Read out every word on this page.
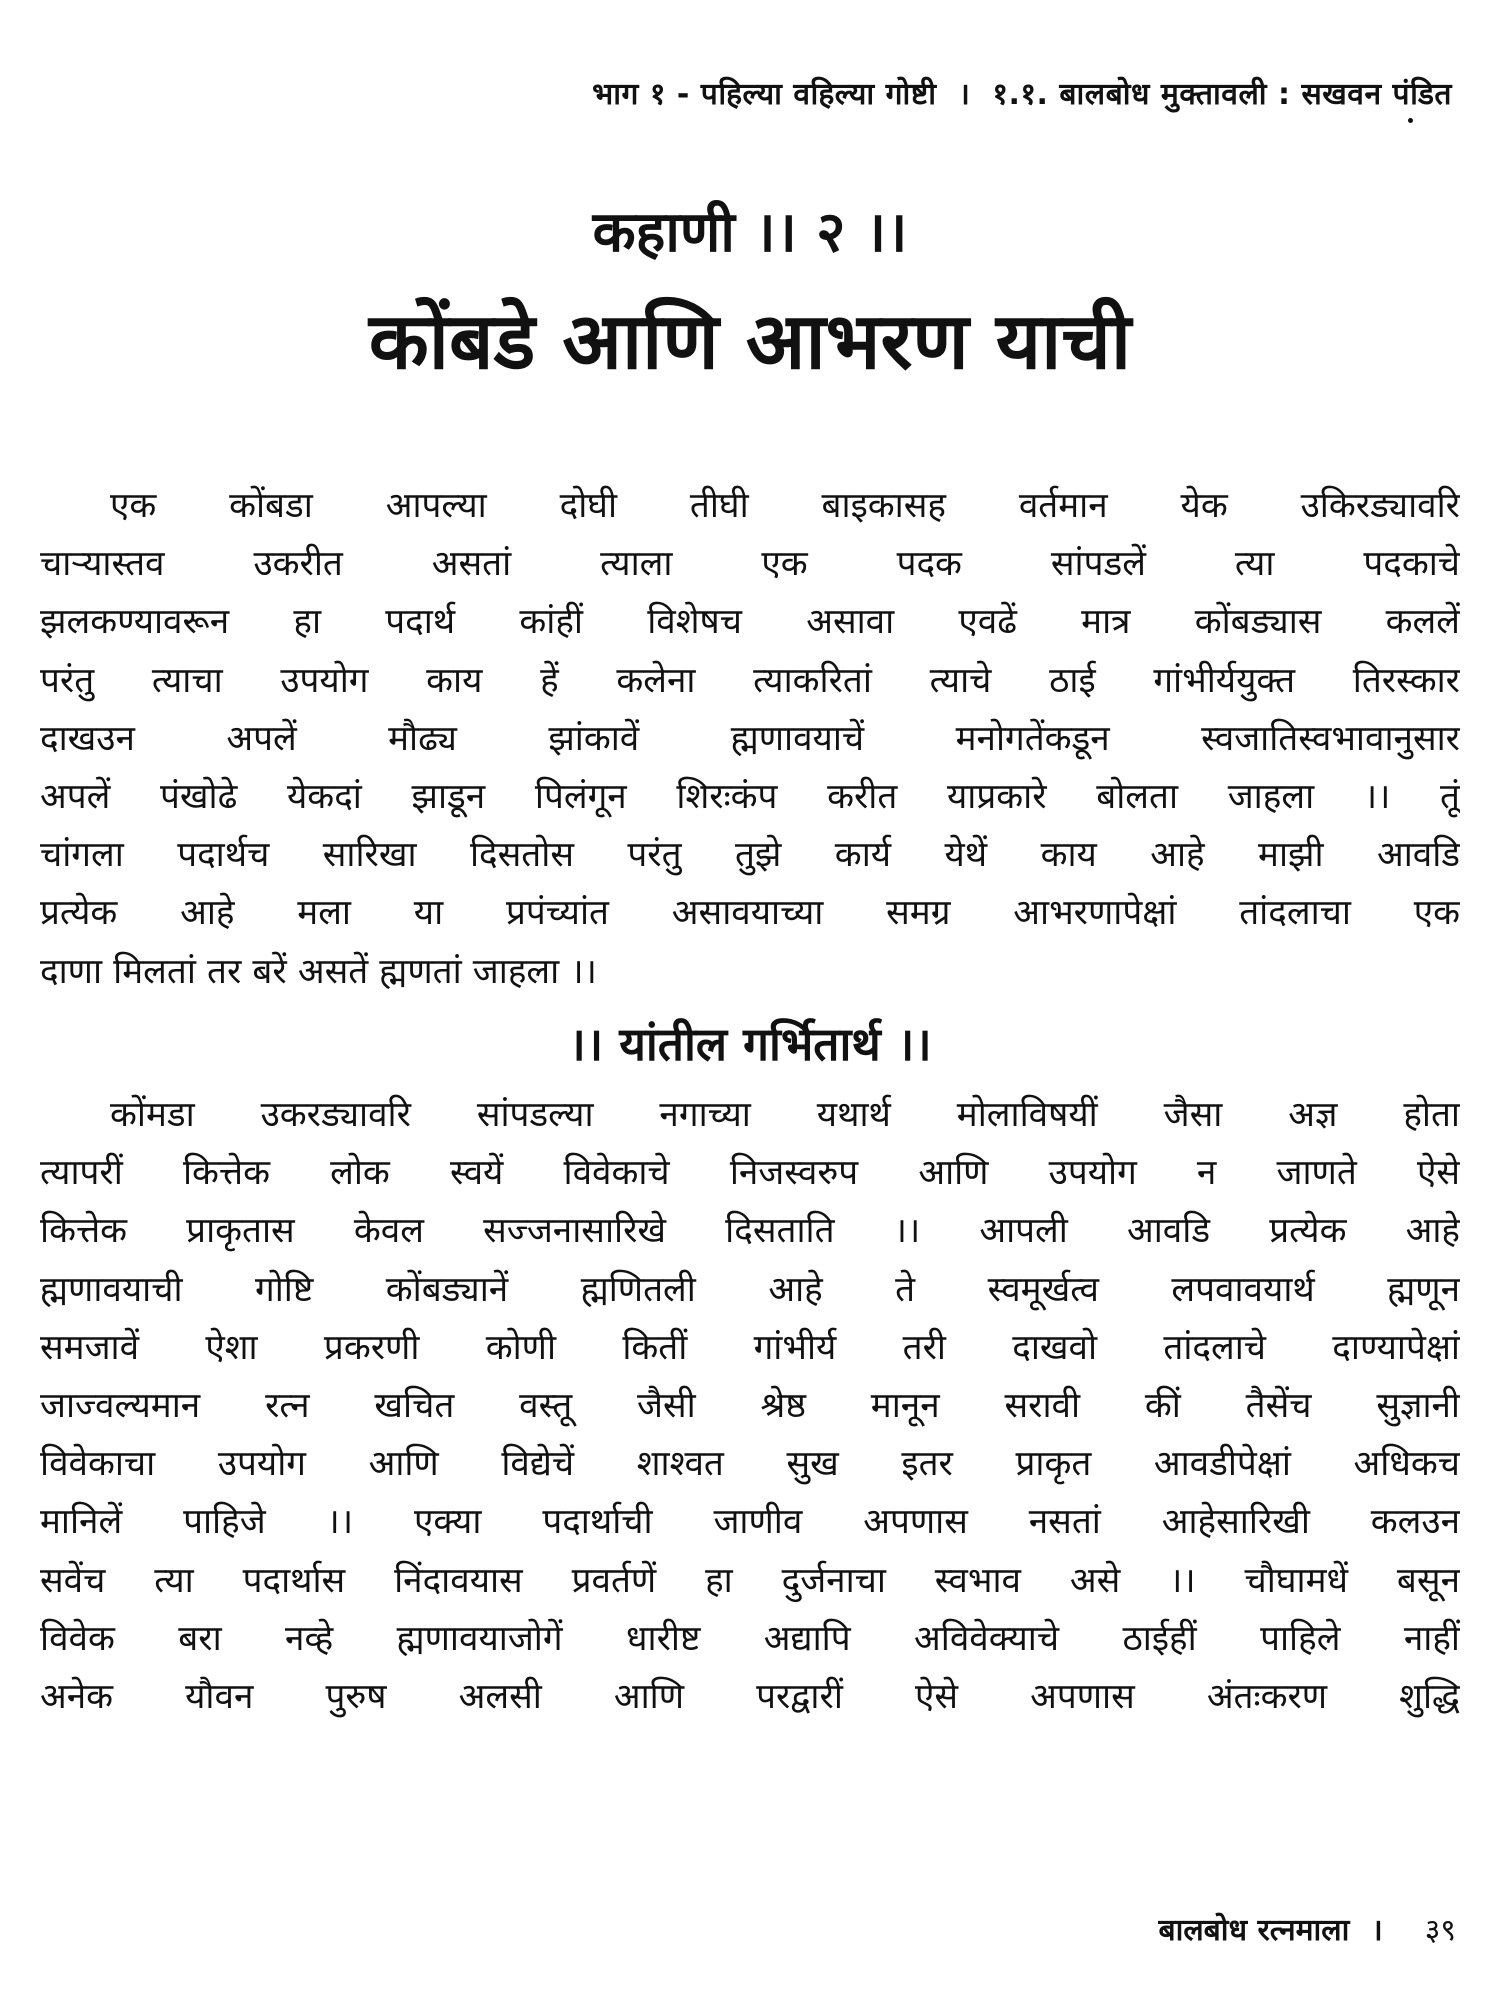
भाग १ - पहिल्या वहिल्या गोष्टी । १.१. बालबोध मुक्तावली : सखवन पंडित
कहाणी ।। २ ।।
कोंबडे आणि आभरण याची

एक कोंबडा आपल्या दोघी तीघी बाइकासह वर्तमान येक उकिरड्यावरि
चार्‍यास्तव उकरीत असतां त्याला एक पदक सांपडलें त्या पदकाचे
झलकण्यावरून हा पदार्थ कांहीं विशेषच असावा एवढें मात्र कोंबड्यास कललें
परंतु त्याचा उपयोग काय हें कलेना त्याकरितां त्याचे ठाई गांभीर्ययुक्त तिरस्कार
दाखउन अपलें मौढ्य झांकावें ह्मणावयाचें मनोगतेंकडून स्वजातिस्वभावानुसार
अपलें पंखोढे येकदां झाडून पिलंगून शिरःकंप करीत याप्रकारे बोलता जाहला ।। तूं
चांगला पदार्थच सारिखा दिसतोस परंतु तुझे कार्य येथें काय आहे माझी आवडि
प्रत्येक आहे मला या प्रपंच्यांत असावयाच्या समग्र आभरणापेक्षां तांदलाचा एक
दाणा मिलतां तर बरें असतें ह्मणतां जाहला ।।

।। यांतील गर्भितार्थ ।।

कोंमडा उकरड्यावरि सांपडल्या नगाच्या यथार्थ मोलाविषयीं जैसा अज्ञ होता
त्यापरीं कित्तेक लोक स्वयें विवेकाचे निजस्वरुप आणि उपयोग न जाणते ऐसे
कित्तेक प्राकृतास केवल सज्जनासारिखे दिसताति ।। आपली आवडि प्रत्येक आहे
ह्मणावयाची गोष्टि कोंबड्यानें ह्मणितली आहे ते स्वमूर्खत्व लपवावयार्थ ह्मणून
समजावें ऐशा प्रकरणी कोणी कितीं गांभीर्य तरी दाखवो तांदलाचे दाण्यापेक्षां
जाज्वल्यमान रत्न खचित वस्तू जैसी श्रेष्ठ मानून सरावी कीं तैसेंच सुज्ञानी
विवेकाचा उपयोग आणि विद्येचें शाश्वत सुख इतर प्राकृत आवडीपेक्षां अधिकच
मानिलें पाहिजे ।। एक्या पदार्थाची जाणीव अपणास नसतां आहेसारिखी कलउन
सवेंच त्या पदार्थास निंदावयास प्रवर्तणें हा दुर्जनाचा स्वभाव असे ।। चौघामधें बसून
विवेक बरा नव्हे ह्मणावयाजोगें धारीष्ट अद्यापि अविवेक्याचे ठाईहीं पाहिले नाहीं
अनेक यौवन पुरुष अलसी आणि परद्वारीं ऐसे अपणास अंतःकरण शुद्धि

बालबोध रत्नमाला । ३९
